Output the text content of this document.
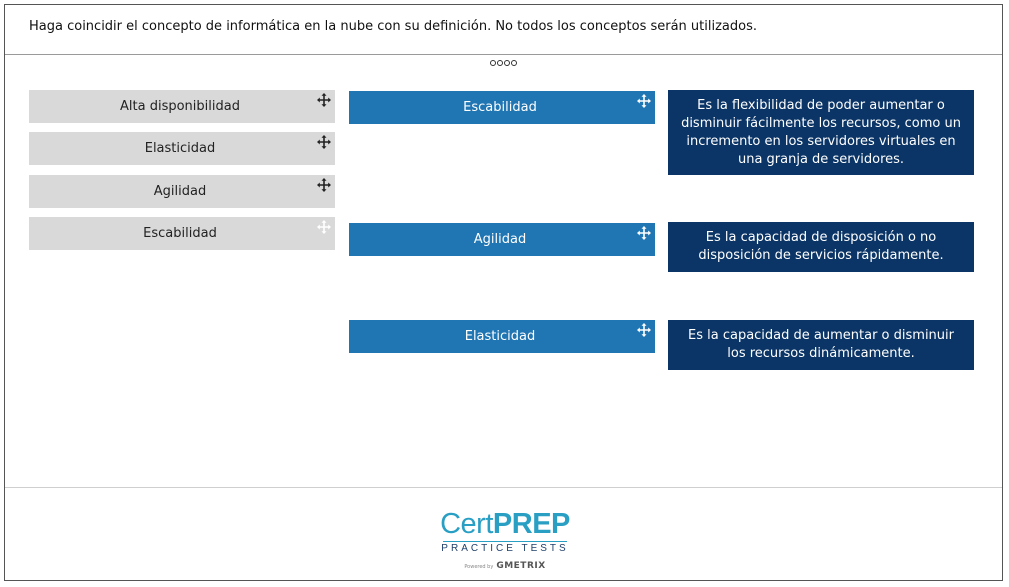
Haga coincidir el concepto de informática en la nube con su definición. No todos los conceptos serán utilizados.
Alta disponibilidad
Elasticidad
Agilidad
Escabilidad
Escabilidad
Agilidad
Elasticidad
Es la flexibilidad de poder aumentar o disminuir fácilmente los recursos, como un incremento en los servidores virtuales en una granja de servidores.
Es la capacidad de disposición o no disposición de servicios rápidamente.
Es la capacidad de aumentar o disminuir los recursos dinámicamente.
CertPREP
PRACTICE TESTS
Powered by GMETRIX
